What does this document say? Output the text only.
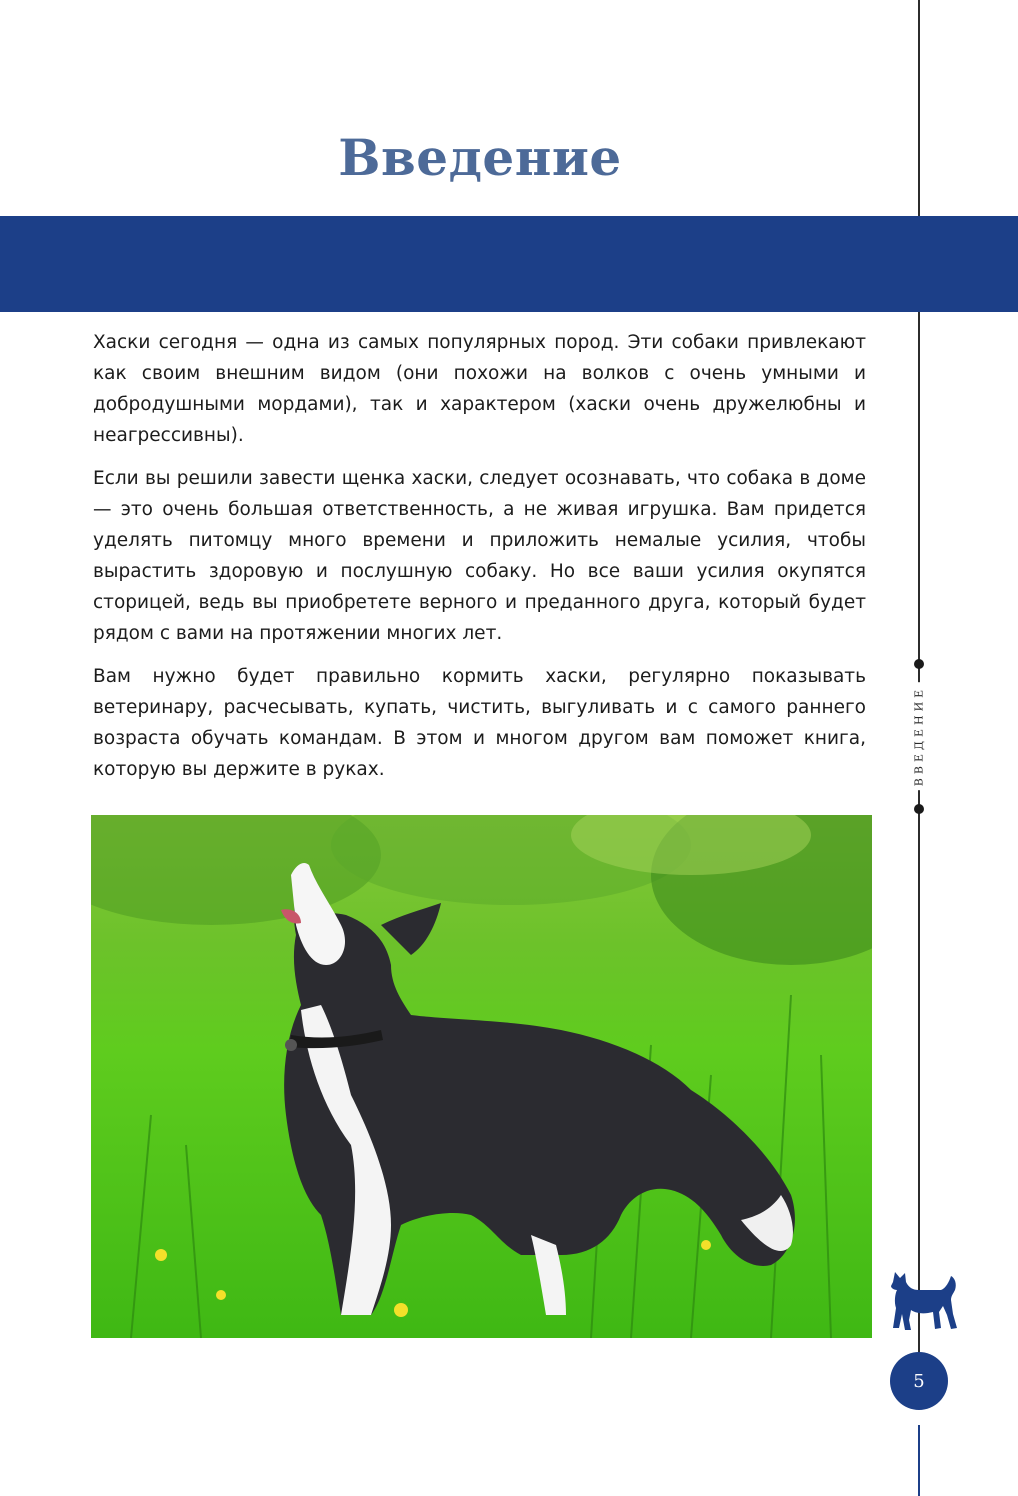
Введение
ВВЕДЕНИЕ

Хаски сегодня — одна из самых популярных пород. Эти собаки привлекают как своим внешним видом (они похожи на волков с очень умными и добродушными мордами), так и характером (хаски очень дружелюбны и неагрессивны).

Если вы решили завести щенка хаски, следует осознавать, что собака в доме — это очень большая ответственность, а не живая игрушка. Вам придется уделять питомцу много времени и приложить немалые усилия, чтобы вырастить здоровую и послушную собаку. Но все ваши усилия окупятся сторицей, ведь вы приобретете верного и преданного друга, который будет рядом с вами на протяжении многих лет.

Вам нужно будет правильно кормить хаски, регулярно показывать ветеринару, расчесывать, купать, чистить, выгуливать и с самого раннего возраста обучать командам. В этом и многом другом вам поможет книга, которую вы держите в руках.

5
